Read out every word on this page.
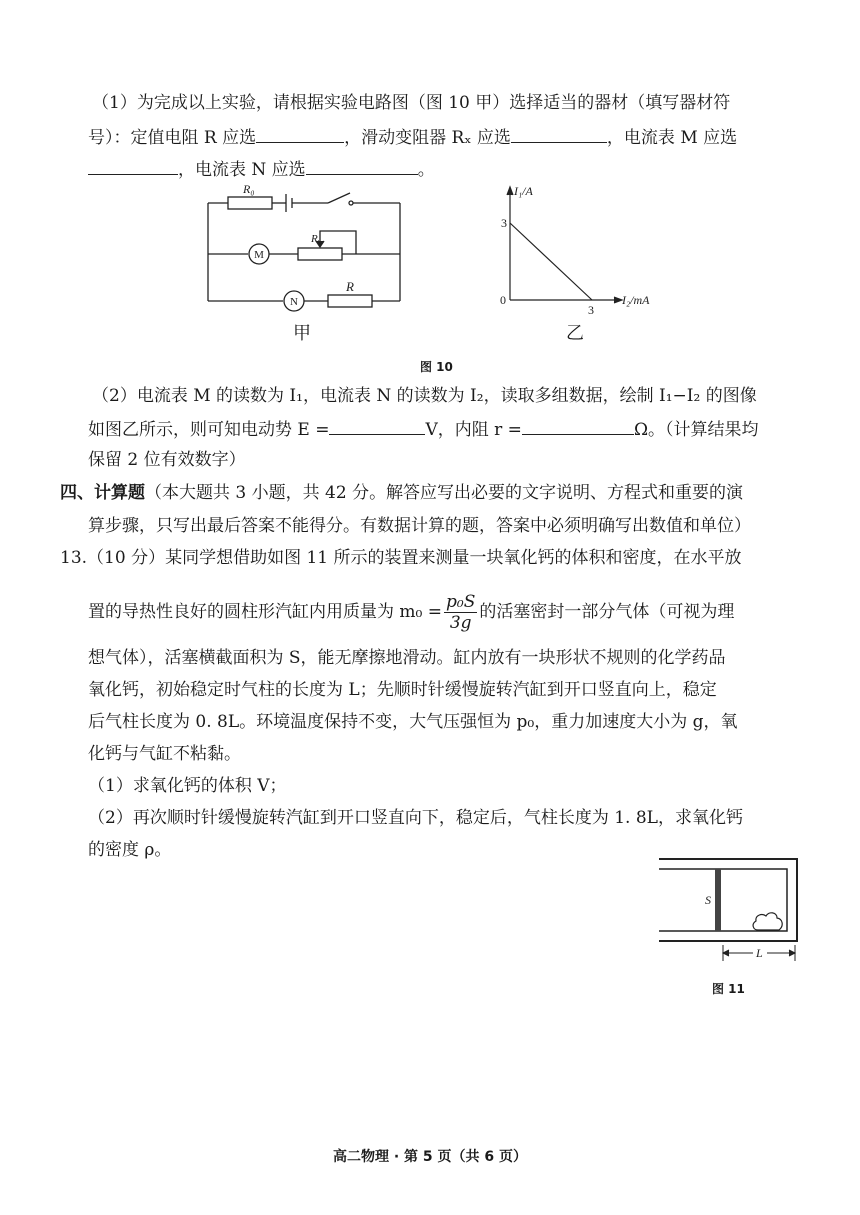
（1）为完成以上实验，请根据实验电路图（图 10 甲）选择适当的器材（填写器材符
号）：定值电阻 R 应选	，滑动变阻器 Rₓ 应选	，电流表 M 应选
，电流表 N 应选	。
R₀
Rₓ
R
M
N
甲
I₁/A
I₂/mA
3
3
0
乙
图 10
（2）电流表 M 的读数为 I₁，电流表 N 的读数为 I₂，读取多组数据，绘制 I₁−I₂ 的图像
如图乙所示，则可知电动势 E =	V，内阻 r =	Ω。（计算结果均
保留 2 位有效数字）
四、计算题（本大题共 3 小题，共 42 分。解答应写出必要的文字说明、方程式和重要的演
算步骤，只写出最后答案不能得分。有数据计算的题，答案中必须明确写出数值和单位）
13.（10 分）某同学想借助如图 11 所示的装置来测量一块氧化钙的体积和密度，在水平放
置的导热性良好的圆柱形汽缸内用质量为 $m_0 = \frac{\text{p₀S}}{3g}$ 的活塞密封一部分气体（可视为理
想气体），活塞横截面积为 S，能无摩擦地滑动。缸内放有一块形状不规则的化学药品
氧化钙，初始稳定时气柱的长度为 L；先顺时针缓慢旋转汽缸到开口竖直向上，稳定
后气柱长度为 0. 8L。环境温度保持不变，大气压强恒为 p₀，重力加速度大小为 g，氧
化钙与气缸不粘黏。
（1）求氧化钙的体积 V；
（2）再次顺时针缓慢旋转汽缸到开口竖直向下，稳定后，气柱长度为 1. 8L，求氧化钙
的密度 ρ。
S
L
图 11
高二物理 · 第 5 页（共 6 页）
